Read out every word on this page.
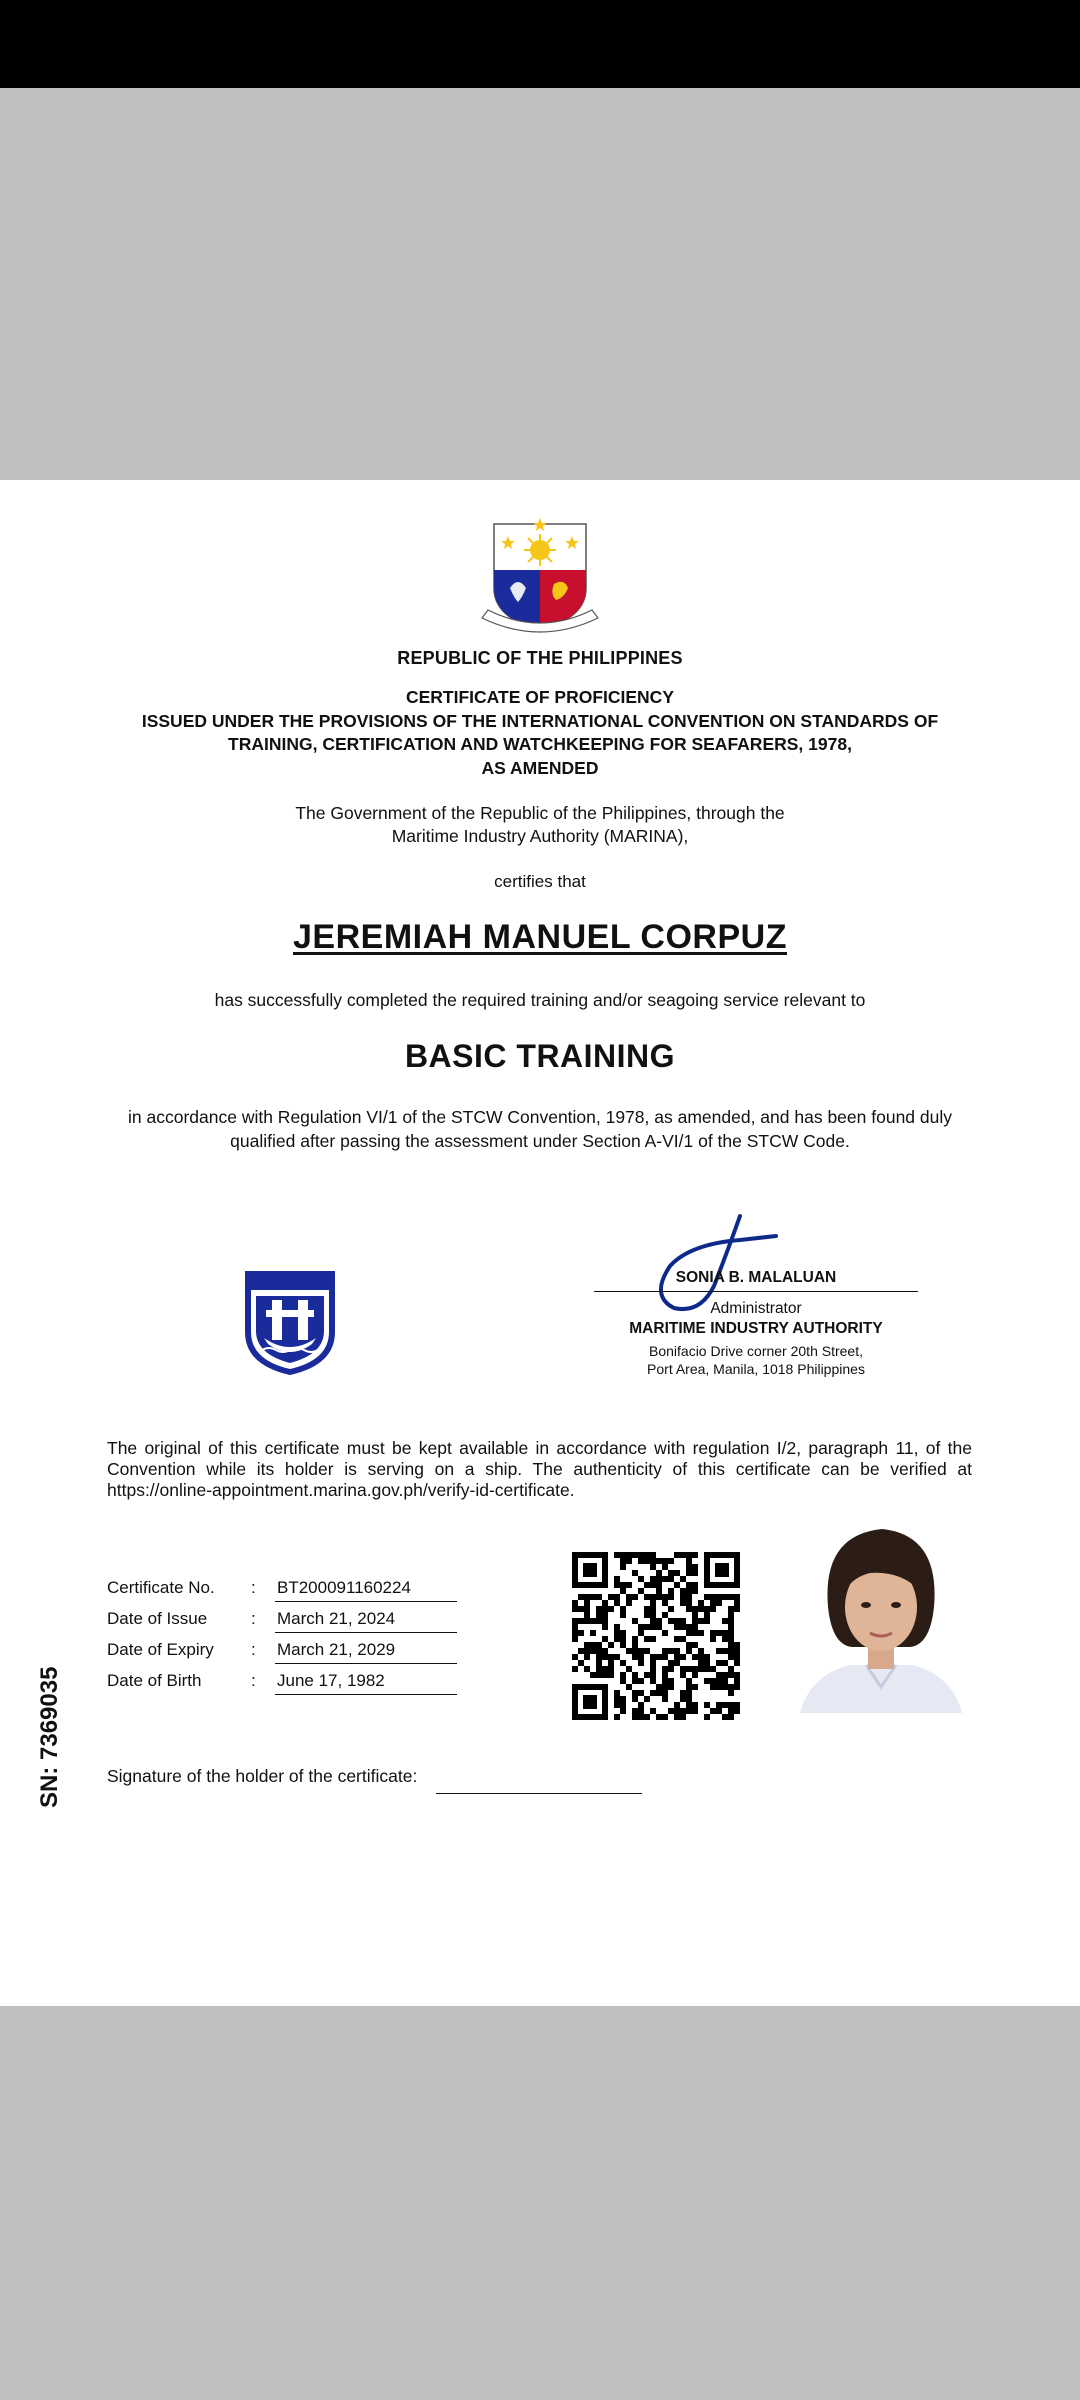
REPUBLIC OF THE PHILIPPINES
CERTIFICATE OF PROFICIENCY
ISSUED UNDER THE PROVISIONS OF THE INTERNATIONAL CONVENTION ON STANDARDS OF
TRAINING, CERTIFICATION AND WATCHKEEPING FOR SEAFARERS, 1978,
AS AMENDED
The Government of the Republic of the Philippines, through the
Maritime Industry Authority (MARINA),
certifies that
JEREMIAH MANUEL CORPUZ
has successfully completed the required training and/or seagoing service relevant to
BASIC TRAINING
in accordance with Regulation VI/1 of the STCW Convention, 1978, as amended, and has been found duly qualified after passing the assessment under Section A-VI/1 of the STCW Code.
SONIA B. MALALUAN
Administrator
MARITIME INDUSTRY AUTHORITY
Bonifacio Drive corner 20th Street,
Port Area, Manila, 1018 Philippines
The original of this certificate must be kept available in accordance with regulation I/2, paragraph 11, of the Convention while its holder is serving on a ship. The authenticity of this certificate can be verified at https://online-appointment.marina.gov.ph/verify-id-certificate.
Certificate No. : BT200091160224
Date of Issue	: March 21, 2024
Date of Expiry : March 21, 2029
Date of Birth	: June 17, 1982
Signature of the holder of the certificate:
SN: 7369035
